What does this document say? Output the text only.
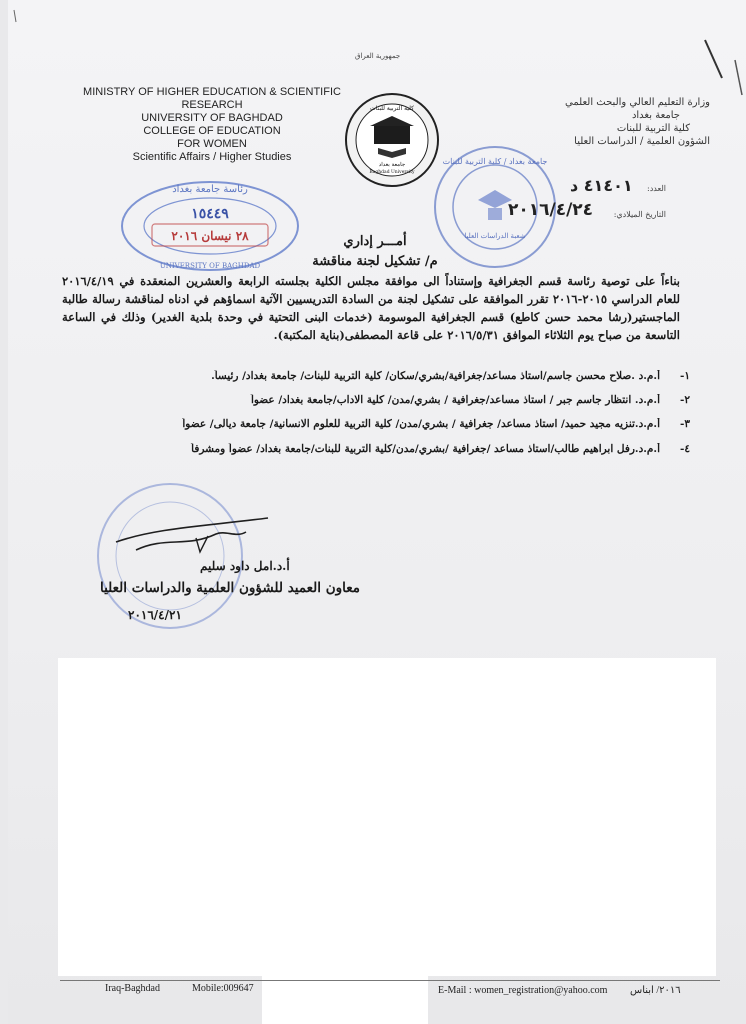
جمهورية العراق
MINISTRY OF HIGHER EDUCATION & SCIENTIFIC
RESEARCH
UNIVERSITY OF BAGHDAD
COLLEGE OF EDUCATION
FOR WOMEN
Scientific Affairs / Higher Studies
كلية التربية للبنات
جامعة بغداد
Baghdad University
وزارة التعليم العالي والبحث العلمي
جامعة بغداد
كلية التربية للبنات
الشؤون العلمية / الدراسات العليا
جامعة بغداد / كلية التربية للبنات
شعبة الدراسات العليا
العدد:
٤١٤٠١ د
التاريخ الميلادي:
٢٠١٦/٤/٢٤
رئاسة جامعة بغداد
UNIVERSITY OF BAGHDAD
١٥٤٤٩
٢٨ نيسان ٢٠١٦	أمـــر إداري
م/ تشكيل لجنة مناقشة
بناءاً على توصية رئاسة قسم الجغرافية وإستناداً الى موافقة مجلس الكلية بجلسته الرابعة والعشرين المنعقدة في ٢٠١٦/٤/١٩ للعام الدراسي ٢٠١٥-٢٠١٦ تقرر الموافقة على تشكيل لجنة من السادة التدريسيين الآتية اسماؤهم في ادناه لمناقشة رسالة طالبة الماجستير(رشا محمد حسن كاطع) قسم الجغرافية الموسومة (خدمات البنى التحتية في وحدة بلدية الغدير) وذلك في الساعة التاسعة من صباح يوم الثلاثاء الموافق ٢٠١٦/٥/٣١ على قاعة المصطفى(بناية المكتبة).
١-أ.م.د .صلاح محسن جاسم/استاذ مساعد/جغرافية/بشري/سكان/ كلية التربية للبنات/ جامعة بغداد/ رئيساً.
٢-أ.م.د. انتظار جاسم جبر / استاذ مساعد/جغرافية / بشري/مدن/ كلية الاداب/جامعة بغداد/ عضواً
٣-أ.م.د.تنزيه مجيد حميد/ استاذ مساعد/ جغرافية / بشري/مدن/ كلية التربية للعلوم الانسانية/ جامعة ديالى/ عضواً
٤-أ.م.د.رفل ابراهيم طالب/استاذ مساعد /جغرافية /بشري/مدن/كلية التربية للبنات/جامعة بغداد/ عضواً ومشرفاً
أ.د.امل داود سليم
معاون العميد للشؤون العلمية والدراسات العليا
٢٠١٦/٤/٢١
Iraq-Baghdad	Mobile:009647	E-Mail : women_registration@yahoo.com ٢٠١٦/ ابناس
